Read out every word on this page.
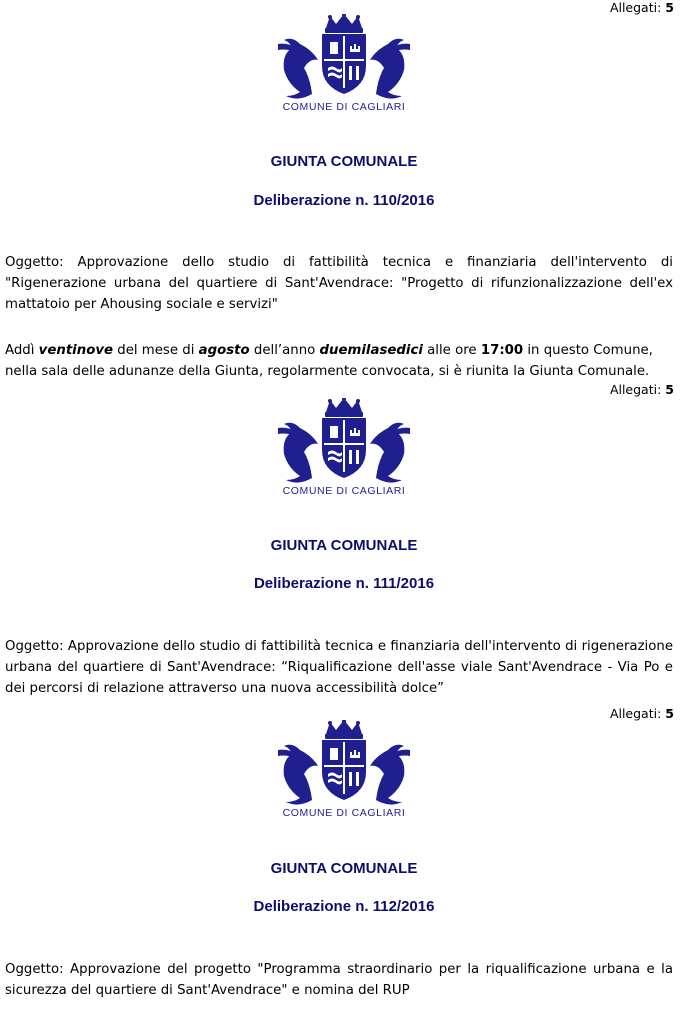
Allegati: 5
COMUNE DI CAGLIARI
GIUNTA COMUNALE
Deliberazione n. 110/2016
Oggetto: Approvazione dello studio di fattibilità tecnica e finanziaria dell'intervento di "Rigenerazione urbana del quartiere di Sant'Avendrace: "Progetto di rifunzionalizzazione dell'ex mattatoio per Ahousing sociale e servizi"
Addì ventinove del mese di agosto dell’anno duemilasedici alle ore 17:00 in questo Comune, nella sala delle adunanze della Giunta, regolarmente convocata, si è riunita la Giunta Comunale.
Allegati: 5
COMUNE DI CAGLIARI
GIUNTA COMUNALE
Deliberazione n. 111/2016
Oggetto: Approvazione dello studio di fattibilità tecnica e finanziaria dell'intervento di rigenerazione urbana del quartiere di Sant'Avendrace: “Riqualificazione dell'asse viale Sant'Avendrace - Via Po e dei percorsi di relazione attraverso una nuova accessibilità dolce”
Allegati: 5
COMUNE DI CAGLIARI
GIUNTA COMUNALE
Deliberazione n. 112/2016
Oggetto: Approvazione del progetto "Programma straordinario per la riqualificazione urbana e la sicurezza del quartiere di Sant'Avendrace" e nomina del RUP
